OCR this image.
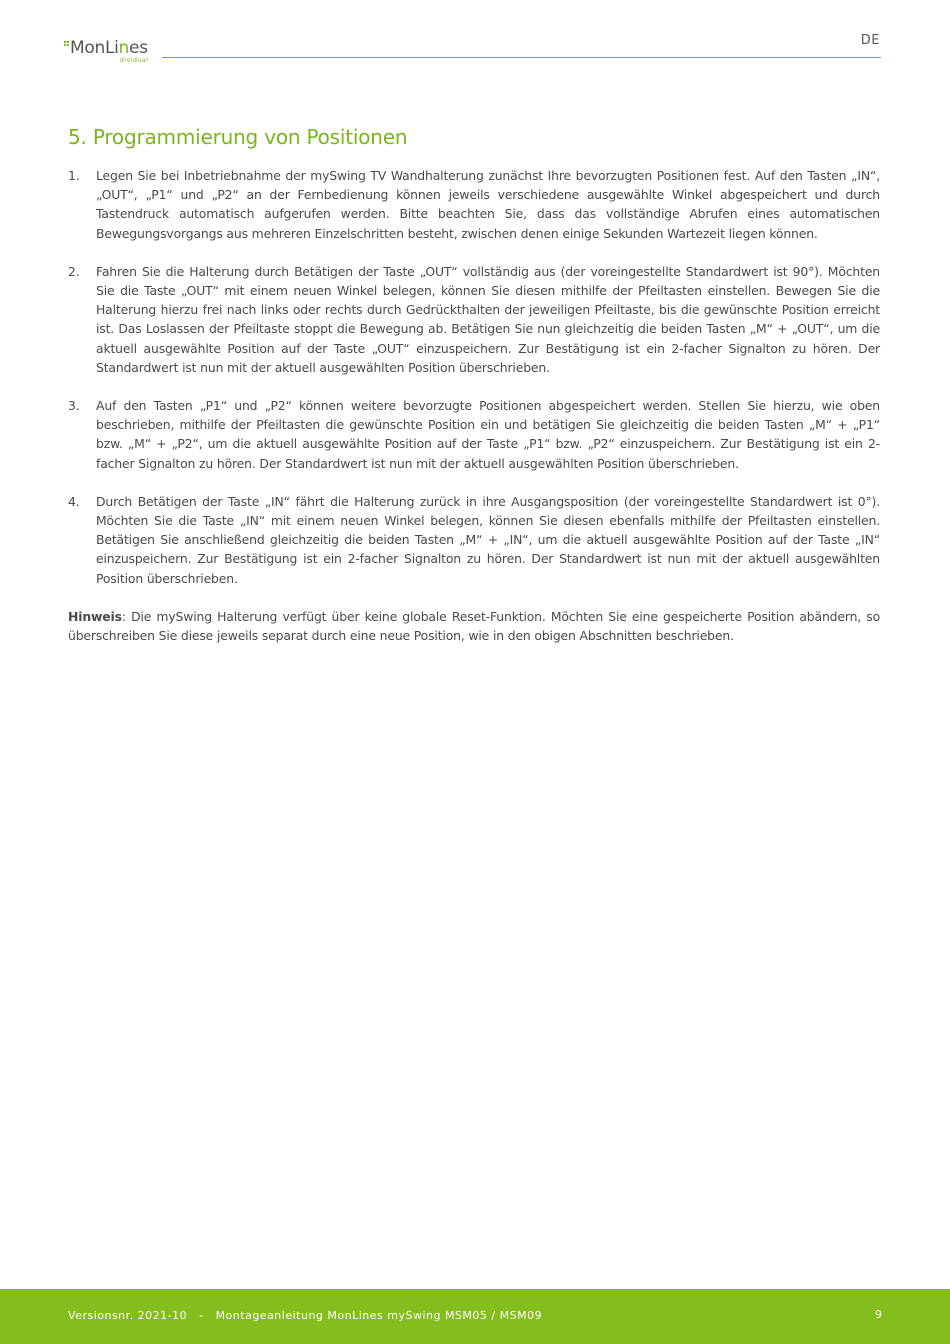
MonLines
dividual
DE
5. Programmierung von Positionen
1. Legen Sie bei Inbetriebnahme der mySwing TV Wandhalterung zunächst Ihre bevorzugten Positionen fest. Auf den Tasten „IN“, „OUT“, „P1“ und „P2“ an der Fernbedienung können jeweils verschiedene ausgewählte Winkel abgespeichert und durch Tastendruck automatisch aufgerufen werden. Bitte beachten Sie, dass das vollständige Abrufen eines automatischen Bewegungsvorgangs aus mehreren Einzelschritten besteht, zwischen denen einige Sekunden Wartezeit liegen können.
2. Fahren Sie die Halterung durch Betätigen der Taste „OUT“ vollständig aus (der voreingestellte Standardwert ist 90°). Möchten Sie die Taste „OUT“ mit einem neuen Winkel belegen, können Sie diesen mithilfe der Pfeiltasten einstellen. Bewegen Sie die Halterung hierzu frei nach links oder rechts durch Gedrückthalten der jeweiligen Pfeiltaste, bis die gewünschte Position erreicht ist. Das Loslassen der Pfeiltaste stoppt die Bewegung ab. Betätigen Sie nun gleichzeitig die beiden Tasten „M“ + „OUT“, um die aktuell ausgewählte Position auf der Taste „OUT“ einzuspeichern. Zur Bestätigung ist ein 2-facher Signalton zu hören. Der Standardwert ist nun mit der aktuell ausgewählten Position überschrieben.
3. Auf den Tasten „P1“ und „P2“ können weitere bevorzugte Positionen abgespeichert werden. Stellen Sie hierzu, wie oben beschrieben, mithilfe der Pfeiltasten die gewünschte Position ein und betätigen Sie gleichzeitig die beiden Tasten „M“ + „P1“ bzw. „M“ + „P2“, um die aktuell ausgewählte Position auf der Taste „P1“ bzw. „P2“ einzuspeichern. Zur Bestätigung ist ein 2-facher Signalton zu hören. Der Standardwert ist nun mit der aktuell ausgewählten Position überschrieben.
4. Durch Betätigen der Taste „IN“ fährt die Halterung zurück in ihre Ausgangsposition (der voreingestellte Standardwert ist 0°). Möchten Sie die Taste „IN“ mit einem neuen Winkel belegen, können Sie diesen ebenfalls mithilfe der Pfeiltasten einstellen. Betätigen Sie anschließend gleichzeitig die beiden Tasten „M“ + „IN“, um die aktuell ausgewählte Position auf der Taste „IN“ einzuspeichern. Zur Bestätigung ist ein 2-facher Signalton zu hören. Der Standardwert ist nun mit der aktuell ausgewählten Position überschrieben.

Hinweis: Die mySwing Halterung verfügt über keine globale Reset-Funktion. Möchten Sie eine gespeicherte Position abändern, so überschreiben Sie diese jeweils separat durch eine neue Position, wie in den obigen Abschnitten beschrieben.

Versionsnr. 2021-10   -   Montageanleitung MonLines mySwing MSM05 / MSM09	9
